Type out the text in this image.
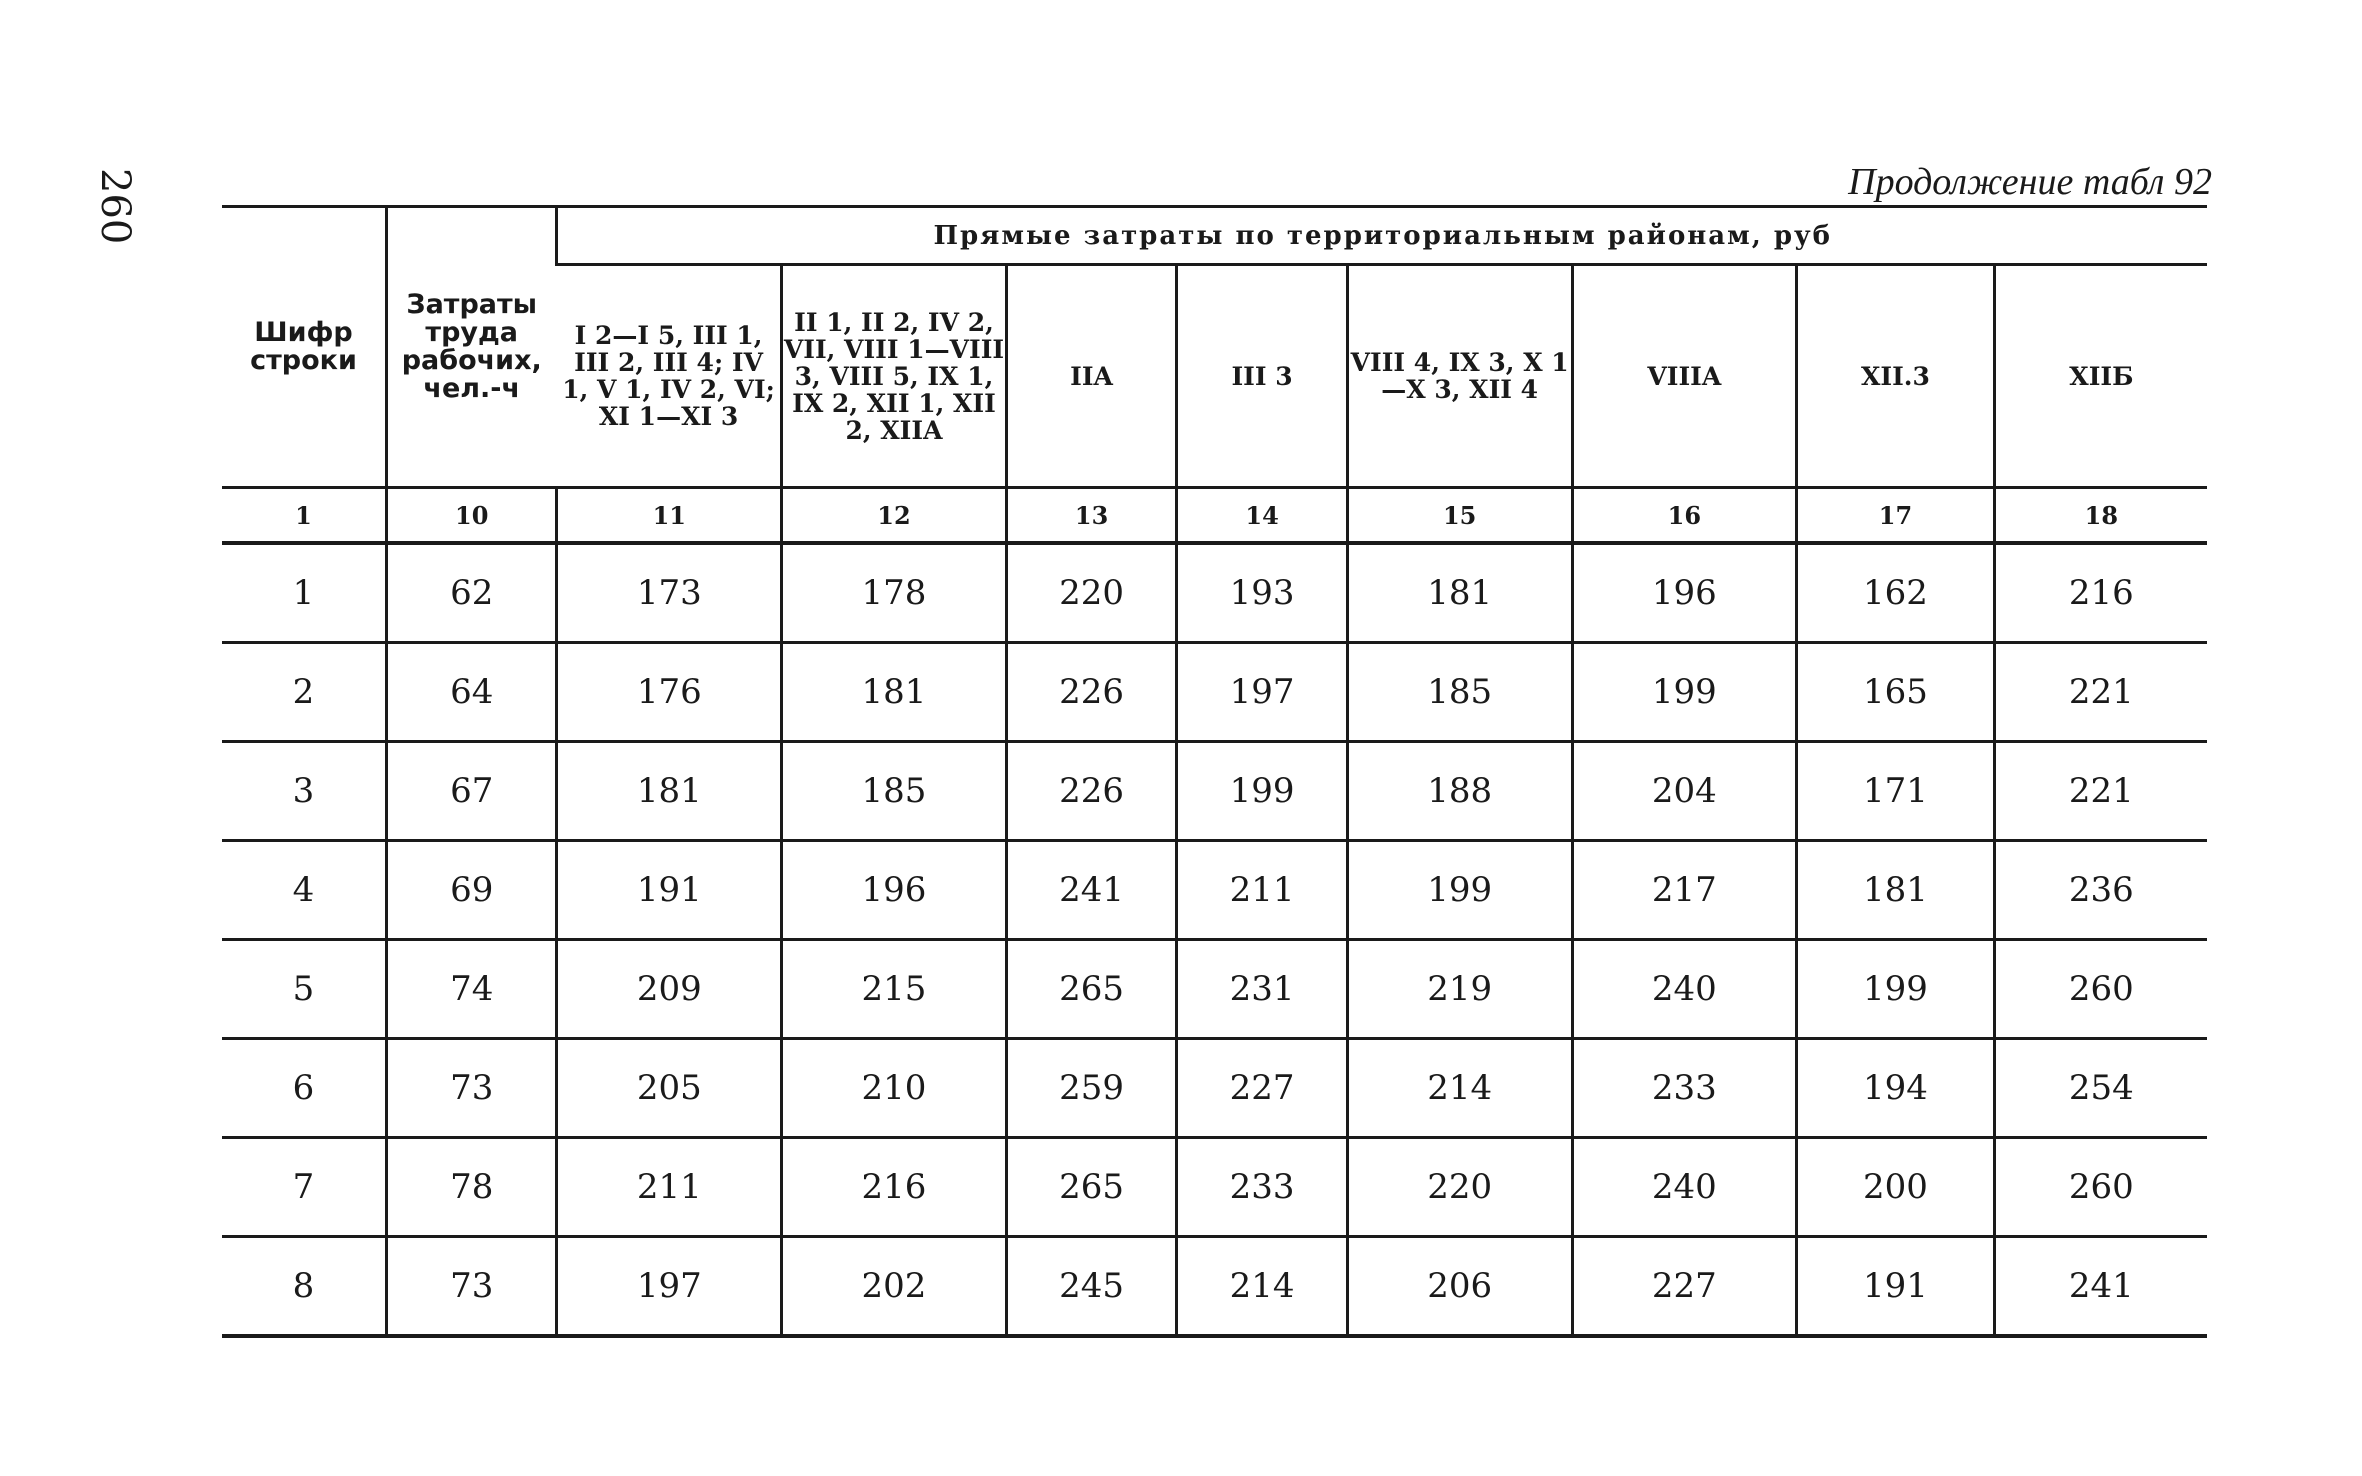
260	Продолжение табл 92
Шифр строки	Затраты труда рабочих, чел.-ч	Прямые затраты по территориальным районам, руб							
		I 2—I 5, III 1, III 2, III 4; IV 1, V 1, IV 2, VI; XI 1—XI 3	II 1, II 2, IV 2, VII, VIII 1—VIII 3, VIII 5, IX 1, IX 2, XII 1, XII 2, XIIA	IIA	III 3	VIII 4, IX 3, X 1—X 3, XII 4	VIIIA	XII.3	XIIБ
1	10	11	12	13	14	15	16	17	18
1	62	173	178	220	193	181	196	162	216
2	64	176	181	226	197	185	199	165	221
3	67	181	185	226	199	188	204	171	221
4	69	191	196	241	211	199	217	181	236
5	74	209	215	265	231	219	240	199	260
6	73	205	210	259	227	214	233	194	254
7	78	211	216	265	233	220	240	200	260
8	73	197	202	245	214	206	227	191	241
